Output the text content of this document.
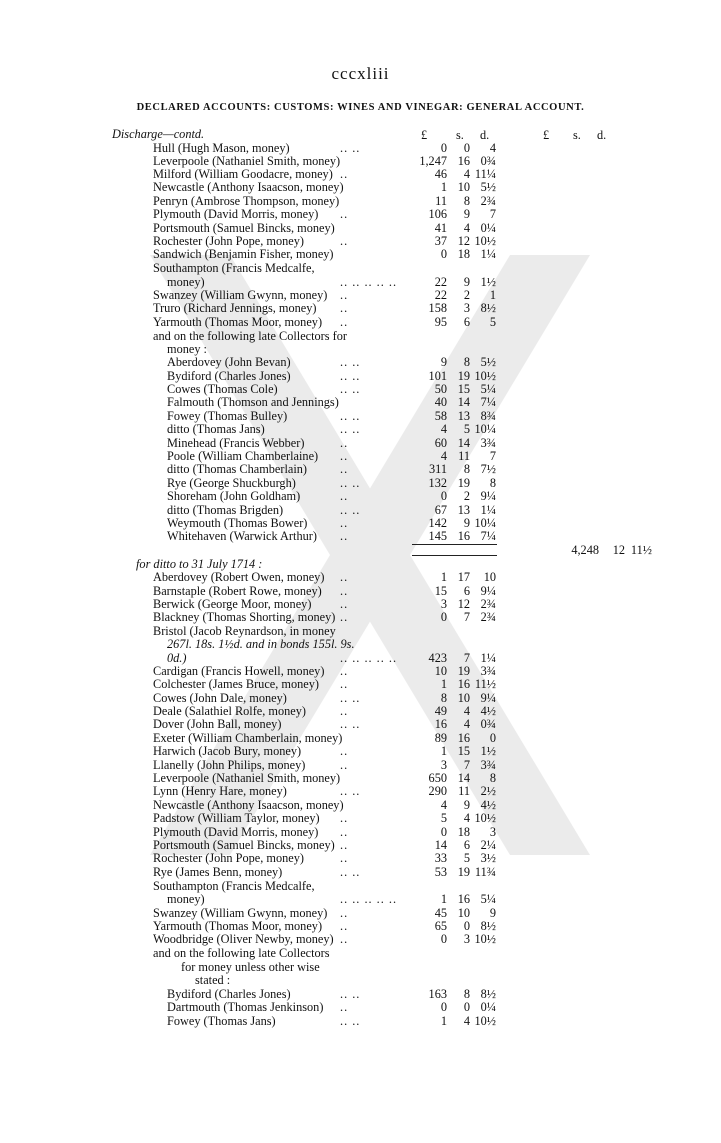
cccxliii
DECLARED ACCOUNTS: CUSTOMS: WINES AND VINEGAR: GENERAL ACCOUNT.
£ s. d.	£ s. d.
Discharge—contd.
Hull (Hugh Mason, money)	.. ..	0 0 4
Leverpoole (Nathaniel Smith, money)	1,247 16 0¾
Milford (William Goodacre, money) ..	46 4 11¼
Newcastle (Anthony Isaacson, money)	1 10 5½
Penryn (Ambrose Thompson, money)	11 8 2¾
Plymouth (David Morris, money) ..	106 9 7
Portsmouth (Samuel Bincks, money)	41 4 0¼
Rochester (John Pope, money)	..	37 12 10½
Sandwich (Benjamin Fisher, money)	0 18 1¼
Southampton (Francis Medcalfe,
money)	.. .. .. .. ..	22 9 1½
Swanzey (William Gwynn, money) ..	22 2 1
Truro (Richard Jennings, money) ..	158 3 8½
Yarmouth (Thomas Moor, money) ..	95 6 5
and on the following late Collectors for
money :
Aberdovey (John Bevan)	.. ..	9 8 5½
Bydiford (Charles Jones)	.. ..	101 19 10½
Cowes (Thomas Cole)	.. ..	50 15 5¼
Falmouth (Thomson and Jennings)	40 14 7¼
Fowey (Thomas Bulley)	.. ..	58 13 8¾
ditto (Thomas Jans)	.. ..	4 5 10¼
Minehead (Francis Webber)	..	60 14 3¾
Poole (William Chamberlaine) ..	4 11 7
ditto (Thomas Chamberlain)	..	311 8 7½
Rye (George Shuckburgh)	.. ..	132 19 8
Shoreham (John Goldham)	..	0 2 9¼
ditto (Thomas Brigden)	.. ..	67 13 1¼
Weymouth (Thomas Bower)	..	142 9 10¼
Whitehaven (Warwick Arthur) ..	145 16 7¼
for ditto to 31 July 1714 :
Aberdovey (Robert Owen, money) ..	1 17 10
Barnstaple (Robert Rowe, money) ..	15 6 9¼
Berwick (George Moor, money) ..	3 12 2¾
Blackney (Thomas Shorting, money) ..	0 7 2¾
Bristol (Jacob Reynardson, in money
267l. 18s. 1½d. and in bonds 155l. 9s.
0d.)	.. .. .. .. ..	423 7 1¼
Cardigan (Francis Howell, money) ..	10 19 3¾
Colchester (James Bruce, money) ..	1 16 11½
Cowes (John Dale, money)	.. ..	8 10 9¼
Deale (Salathiel Rolfe, money)	..	49 4 4½
Dover (John Ball, money)	.. ..	16 4 0¾
Exeter (William Chamberlain, money)	89 16 0
Harwich (Jacob Bury, money)	..	1 15 1½
Llanelly (John Philips, money)	..	3 7 3¾
Leverpoole (Nathaniel Smith, money)	650 14 8
Lynn (Henry Hare, money)	.. ..	290 11 2½
Newcastle (Anthony Isaacson, money)	4 9 4½
Padstow (William Taylor, money) ..	5 4 10½
Plymouth (David Morris, money) ..	0 18 3
Portsmouth (Samuel Bincks, money) ..	14 6 2¼
Rochester (John Pope, money)	..	33 5 3½
Rye (James Benn, money)	.. ..	53 19 11¾
Southampton (Francis Medcalfe,
money)	.. .. .. .. ..	1 16 5¼
Swanzey (William Gwynn, money) ..	45 10 9
Yarmouth (Thomas Moor, money) ..	65 0 8½
Woodbridge (Oliver Newby, money) ..	0 3 10½
and on the following late Collectors
for money unless other wise
stated :
Bydiford (Charles Jones)	.. ..	163 8 8½
Dartmouth (Thomas Jenkinson) ..	0 0 0¼
Fowey (Thomas Jans)	.. ..	1 4 10½
4,248 12 11½
